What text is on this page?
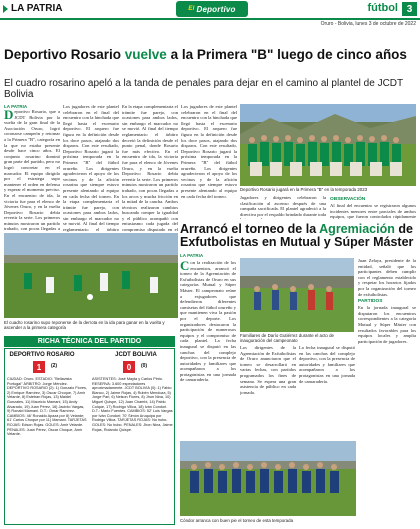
LA PATRIA	El Deportivo	fútbol 3
Oruro - Bolivia, lunes 3 de octubre de 2022
Deportivo Rosario vuelve a la Primera "B" luego de cinco años
El cuadro rosarino apeló a la tanda de penales para dejar en el camino al plantel de JCDT Bolivia
LA PATRIA
Deportivo Rosario, que a JCDT Bolivia por la vuelta de la gran final de la Asociación Oruro, logró coronarse campeón y retornar a la Primera "B", categoría en la que no estaba presente desde hace cinco años. El conjunto rosarino dominó gran parte del partido, pero no logró concretar en el marcador. El equipo dirigido por el estratega supo mantener el orden en defensa y esperar el momento preciso. En el encuentro de ida, la victoria fue para el elenco de Jóvenes Oruro, y en la vuelta Deportivo Rosario debía revertir la serie. Los primeros minutos mostraron un partido trabado, con pocas llegadas a
Los jugadores de este plantel celebraron en el final del encuentro con la hinchada que llegó hasta el escenario deportivo. El arquero fue figura en la definición desde los doce pasos, atajando dos disparos. Con este resultado, Deportivo Rosario jugará la próxima temporada en la Primera "B" del fútbol orureño. Los dirigentes agradecieron el apoyo de los vecinos y de la afición rosarina que siempre estuvo presente alentando al equipo en cada fecha del torneo. En la etapa complementaria el trámite fue parejo, con ocasiones para ambos lados, sin embargo el marcador no se movió. Al final del tiempo reglamentario el árbitro
En la etapa complementaria el trámite fue parejo, con ocasiones para ambos lados, sin embargo el marcador no se movió. Al final del tiempo reglamentario el árbitro decretó la definición desde el punto penal, donde Rosario fue más efectivo. En el encuentro de ida, la victoria fue para el elenco de Jóvenes Oruro, y en la vuelta Deportivo Rosario debía revertir la serie. Los primeros minutos mostraron un partido trabado, con pocas llegadas a los arcos y mucha fricción en la mitad de la cancha. Ambos técnicos realizaron cambios buscando romper la igualdad y el público acompañó con entusiasmo cada jugada del compromiso disputado en el
Los jugadores de este plantel celebraron en el final del encuentro con la hinchada que llegó hasta el escenario deportivo. El arquero fue figura en la definición desde los doce pasos, atajando dos disparos. Con este resultado, Deportivo Rosario jugará la próxima temporada en la Primera "B" del fútbol orureño. Los dirigentes agradecieron el apoyo de los vecinos y de la afición rosarina que siempre estuvo presente alentando al equipo en cada fecha del torneo.
Deportivo Rosario jugará en la Primera "B" en la temporada 2023
Jugadores y dirigentes celebraron la clasificación al ascenso después de una campaña sacrificada. El plantel agradeció a la directiva por el respaldo brindado durante toda
OBSERVACIÓN
Al final del encuentro se registraron algunos incidentes menores entre parciales de ambos equipos, que fueron controlados rápidamente
El cuadro rosarino supo reponerse de la derrota en la ida para ganar en la vuelta y ascender a la primera categoría
RICHA TÉCNICA DEL PARTIDO
DEPORTIVO ROSARIO
1	(2)
JCDT BOLIVIA
0	(0)
CIUDAD: Oruro. ESTADIO: "Bellavista Portugal" ÁRBITRO: Jorge Méndez. DEPORTIVO ROSARIO (2): 1) Gonzalo Flores, 2) Enrique Ramírez, 3) Oscar Choque, 7) Amir Velarde, 8) Esteban Rojas, 13) Maidel Gonzales, 11) Mauricio Mamani, 15) Andy Alvarado, 19) Juan Pérez, 16) Jacinto Vargas, 9) Ronald Mamani. D.T.: Omar Ramírez. CAMBIOS: 46' Ronaldo Apaza por 8) Velarde; 61' Carlos Choque por 11) Mamani. TARJETAS ROJAS: Edson Rojas. GOLES: Amir Velarde. PENALES: Juan Pérez, Oscar Choque, Amir Velarde.
ASISTENTES: José Mayta y Carlos Pinto. RESERVA: 3.600 espectadores aproximadamente. JCDT BOLIVIA (0): 1) Fabio Blanco, 2) Jaime Rojas, 4) Rubén Mendoza, 5) Jorge Pari, 6) Nelson Flores, 8) Jhon Nina, 10) Miguel Quispe, 12) Juan Chambi, 14) Pablo Colque, 17) Rodrigo Villca, 18) Iván Condori. D.T.: Mario Fuentes. CAMBIOS: 52' Luis Vargas por Iván Condori; 70' Simón Aruquipa por Rodrigo Villca. TARJETAS ROJAS: No hubo. GOLES: No hubo. PENALES: Jhon Nina, Jaime Rojas, Rolando Quispe.
Arrancó el torneo de la Agremiación de Exfutbolistas en Mutual y Súper Máster
LA PATRIA
Con la realización de los encuentros, arrancó el torneo de la Agremiación de Exfutbolistas de Oruro en sus categorías Mutual y Súper Máster. El campeonato reúne a exjugadores que defendieron diferentes camisetas del fútbol orureño y que mantienen viva la pasión por el deporte. Los organizadores destacaron la participación de numerosos equipos y el compromiso de cada plantel. La fecha inaugural se disputó en las canchas del complejo deportivo, con la presencia de autoridades y familiares que acompañaron a los protagonistas en una jornada de camaradería.
Familiares de Darío Gutiérrez durante el acto de inauguración del campeonato
Juan Zelaya, presidente de la entidad, señaló que los participantes deben cumplir con el reglamento establecido y respetar los horarios fijados por la organización del torneo de exfutbolistas.
PARTIDOS
En la jornada inaugural se disputaron los encuentros correspondientes a la categoría Mutual y Súper Máster con resultados favorables para los equipos locales y amplia participación de jugadores.
Los dirigentes de la Agremiación de Exfutbolistas de Oruro anunciaron que el torneo se desarrollará en varias fechas, con partidos programados los fines de semana. Se espera una gran asistencia de público en cada jornada.
La fecha inaugural se disputó en las canchas del complejo deportivo, con la presencia de autoridades y familiares que acompañaron a los protagonistas en una jornada de camaradería.
Cóndor arranca con buen pie el torneo de esta temporada
